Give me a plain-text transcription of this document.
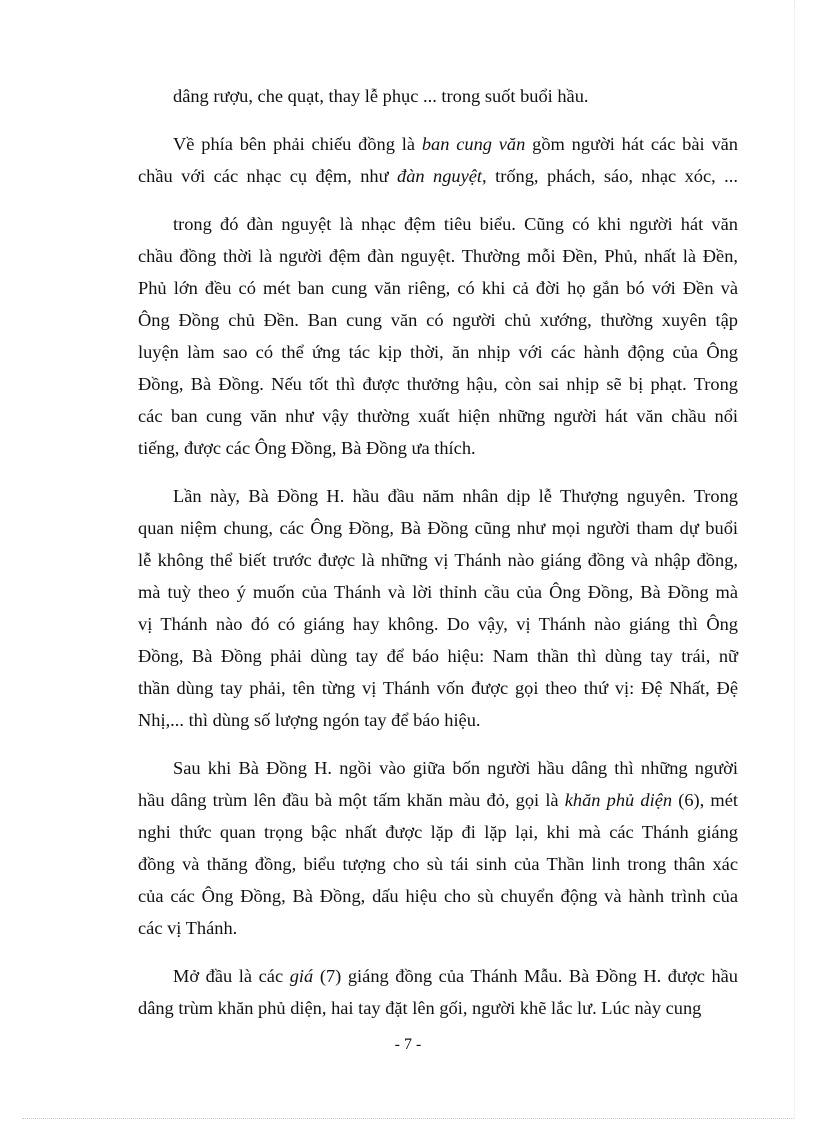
dâng rượu, che quạt, thay lễ phục ... trong suốt buổi hầu.
Về phía bên phải chiếu đồng là ban cung văn gồm người hát các bài văn
chầu với các nhạc cụ đệm, như đàn nguyệt, trống, phách, sáo, nhạc xóc, ...
trong đó đàn nguyệt là nhạc đệm tiêu biểu. Cũng có khi người hát văn
chầu đồng thời là người đệm đàn nguyệt. Thường mỗi Đền, Phủ, nhất là Đền,
Phủ lớn đều có mét ban cung văn riêng, có khi cả đời họ gắn bó với Đền và
Ông Đồng chủ Đền. Ban cung văn có người chủ xướng, thường xuyên tập
luyện làm sao có thể ứng tác kịp thời, ăn nhịp với các hành động của Ông
Đồng, Bà Đồng. Nếu tốt thì được thưởng hậu, còn sai nhịp sẽ bị phạt. Trong
các ban cung văn như vậy thường xuất hiện những người hát văn chầu nổi
tiếng, được các Ông Đồng, Bà Đồng ưa thích.
Lần này, Bà Đồng H. hầu đầu năm nhân dịp lễ Thượng nguyên. Trong
quan niệm chung, các Ông Đồng, Bà Đồng cũng như mọi người tham dự buổi
lễ không thể biết trước được là những vị Thánh nào giáng đồng và nhập đồng,
mà tuỳ theo ý muốn của Thánh và lời thỉnh cầu của Ông Đồng, Bà Đồng mà
vị Thánh nào đó có giáng hay không. Do vậy, vị Thánh nào giáng thì Ông
Đồng, Bà Đồng phải dùng tay để báo hiệu: Nam thần thì dùng tay trái, nữ
thần dùng tay phải, tên từng vị Thánh vốn được gọi theo thứ vị: Đệ Nhất, Đệ
Nhị,... thì dùng số lượng ngón tay để báo hiệu.
Sau khi Bà Đồng H. ngồi vào giữa bốn người hầu dâng thì những người
hầu dâng trùm lên đầu bà một tấm khăn màu đỏ, gọi là khăn phủ diện (6), mét
nghi thức quan trọng bậc nhất được lặp đi lặp lại, khi mà các Thánh giáng
đồng và thăng đồng, biểu tượng cho sù tái sinh của Thần linh trong thân xác
của các Ông Đồng, Bà Đồng, dấu hiệu cho sù chuyển động và hành trình của
các vị Thánh.
Mở đầu là các giá (7) giáng đồng của Thánh Mẫu. Bà Đồng H. được hầu
dâng trùm khăn phủ diện, hai tay đặt lên gối, người khẽ lắc lư. Lúc này cung
- 7 -
